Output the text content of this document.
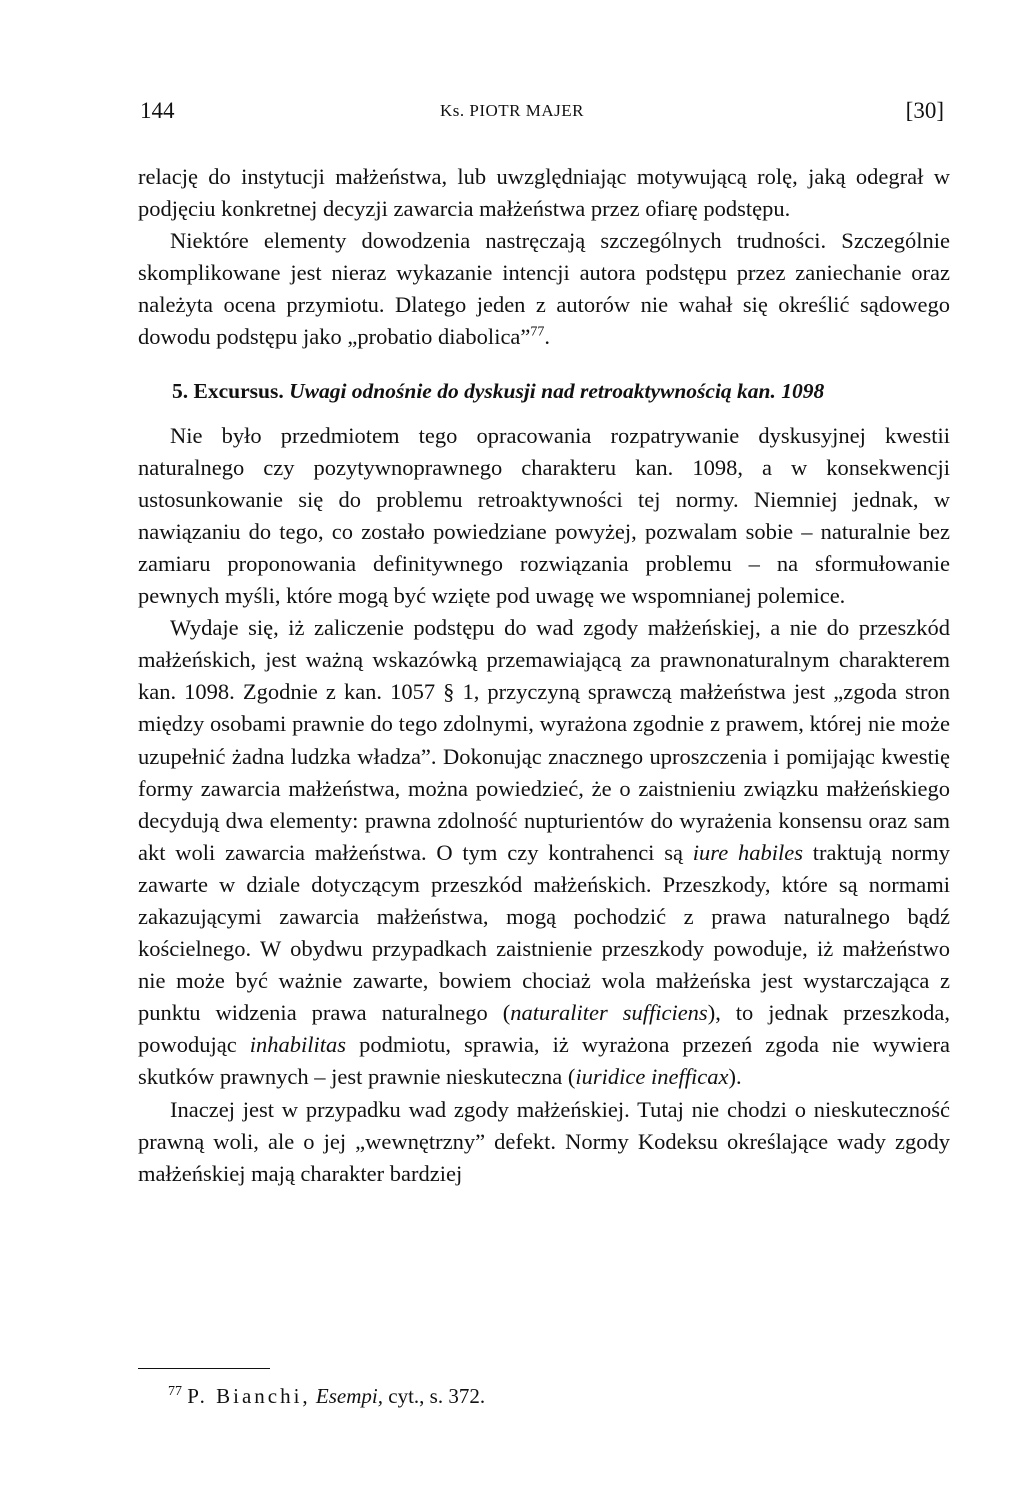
144	Ks. PIOTR MAJER	[30]

relację do instytucji małżeństwa, lub uwzględniając motywującą rolę, jaką odegrał w podjęciu konkretnej decyzji zawarcia małżeństwa przez ofiarę podstępu.

Niektóre elementy dowodzenia nastręczają szczególnych trudności. Szczególnie skomplikowane jest nieraz wykazanie intencji autora podstępu przez zaniechanie oraz należyta ocena przymiotu. Dlatego jeden z autorów nie wahał się określić sądowego dowodu podstępu jako „probatio diabolica”$^{77}$.

5. Excursus. Uwagi odnośnie do dyskusji nad retroaktywnością kan. 1098

Nie było przedmiotem tego opracowania rozpatrywanie dyskusyjnej kwestii naturalnego czy pozytywnoprawnego charakteru kan. 1098, a w konsekwencji ustosunkowanie się do problemu retroaktywności tej normy. Niemniej jednak, w nawiązaniu do tego, co zostało powiedziane powyżej, pozwalam sobie – naturalnie bez zamiaru proponowania definitywnego rozwiązania problemu – na sformułowanie pewnych myśli, które mogą być wzięte pod uwagę we wspomnianej polemice.

Wydaje się, iż zaliczenie podstępu do wad zgody małżeńskiej, a nie do przeszkód małżeńskich, jest ważną wskazówką przemawiającą za prawnonaturalnym charakterem kan. 1098. Zgodnie z kan. 1057 § 1, przyczyną sprawczą małżeństwa jest „zgoda stron między osobami prawnie do tego zdolnymi, wyrażona zgodnie z prawem, której nie może uzupełnić żadna ludzka władza”. Dokonując znacznego uproszczenia i pomijając kwestię formy zawarcia małżeństwa, można powiedzieć, że o zaistnieniu związku małżeńskiego decydują dwa elementy: prawna zdolność nupturientów do wyrażenia konsensu oraz sam akt woli zawarcia małżeństwa. O tym czy kontrahenci są iure habiles traktują normy zawarte w dziale dotyczącym przeszkód małżeńskich. Przeszkody, które są normami zakazującymi zawarcia małżeństwa, mogą pochodzić z prawa naturalnego bądź kościelnego. W obydwu przypadkach zaistnienie przeszkody powoduje, iż małżeństwo nie może być ważnie zawarte, bowiem chociaż wola małżeńska jest wystarczająca z punktu widzenia prawa naturalnego (naturaliter sufficiens), to jednak przeszkoda, powodując inhabilitas podmiotu, sprawia, iż wyrażona przezeń zgoda nie wywiera skutków prawnych – jest prawnie nieskuteczna (iuridice inefficax).

Inaczej jest w przypadku wad zgody małżeńskiej. Tutaj nie chodzi o nieskuteczność prawną woli, ale o jej „wewnętrzny” defekt. Normy Kodeksu określające wady zgody małżeńskiej mają charakter bardziej

$^{77}$ P. Bianchi, Esempi, cyt., s. 372.
